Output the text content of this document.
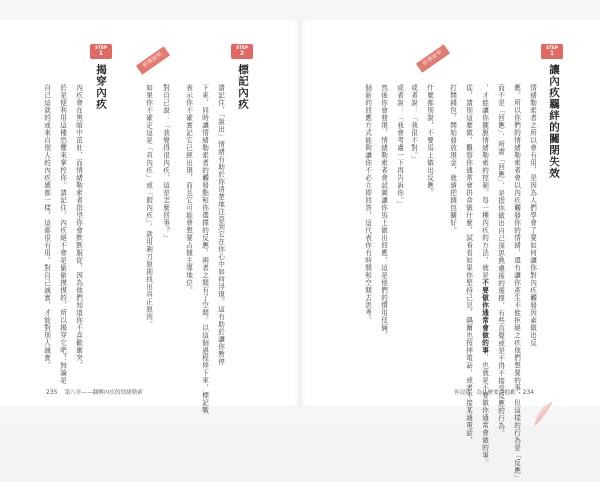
STEP
2
原理說明
標記內疚
請記住，「說出」情緒有助於你清楚地注意到它在你心中如何浮現。這有助於讓你暫停
下來，同時讓情緒勒索者的觸發點和你選擇的反應，兩者之間有了空間。以這個過程停下來，標記戰
表示你不確實記它已經出現，而且它可能會想要占據主導地位。
對自己說：「我覺得很內疚，這是怎麼回事？」
如果你不確定這是「真內疚」或「假內疚」，就用剃刀原則找出真正原因。
STEP
1
揭穿內疚
內疚會在黑暗中茁壯，而情緒勒索者指望你會默默服從，因為他們知道你不喜歡衝突。
於是便利用這種恐懼來掌控你。請記住，內疚絕不會是偷偷摸摸的，所以揭穿它吧！無論是
自己這就的或來自別人的內疚感都一樣，這都很有用。對自己誠實，才能對別人誠實。
STEP
1
原理說明
讓內疚羈絆的關閉失效
情緒勒索者之所以會有用，是因為人們學會了要如何讓你對內疚觸發因素做出反
應。所以你們的情緒勒索者會以內疚觸發你的情緒，還有讓你產生不能拒絕之疚他們想要的事，但這樣的行為是「反應」
而不是「回應」，所謂「回應」，是指你做出自己深思熟慮後的選擇，有些直覺或是不得不接受反應的行為。
，才能讓你擺脫情緒勒索的控制。每一種內疚的方法，就是不要做你通常會做的事，也就是不要做你通常會做的事。
從，請別這麼做，觀察你通常會拼命做什麼，試看看如果你堅持己見、偶爾也按掉電話，或者不接某通電話，
打開錢包，開始發放現金，就請把錢包關好。
什麼都別說，不要馬上做出反應。
或者說：「我很不對。」
或者說：「我會考慮一下再告訴你。」
然後你會發現，情緒勒索者會試圖讓你馬上做出回應，這是他們的慣用伎倆，
個新的回應方式能夠讓你不必立即回答，這代表你有時間和空間去思考。
235 第八章——翻轉內疚的情緒勒索	你沒錯，為什麼要說抱歉 234
